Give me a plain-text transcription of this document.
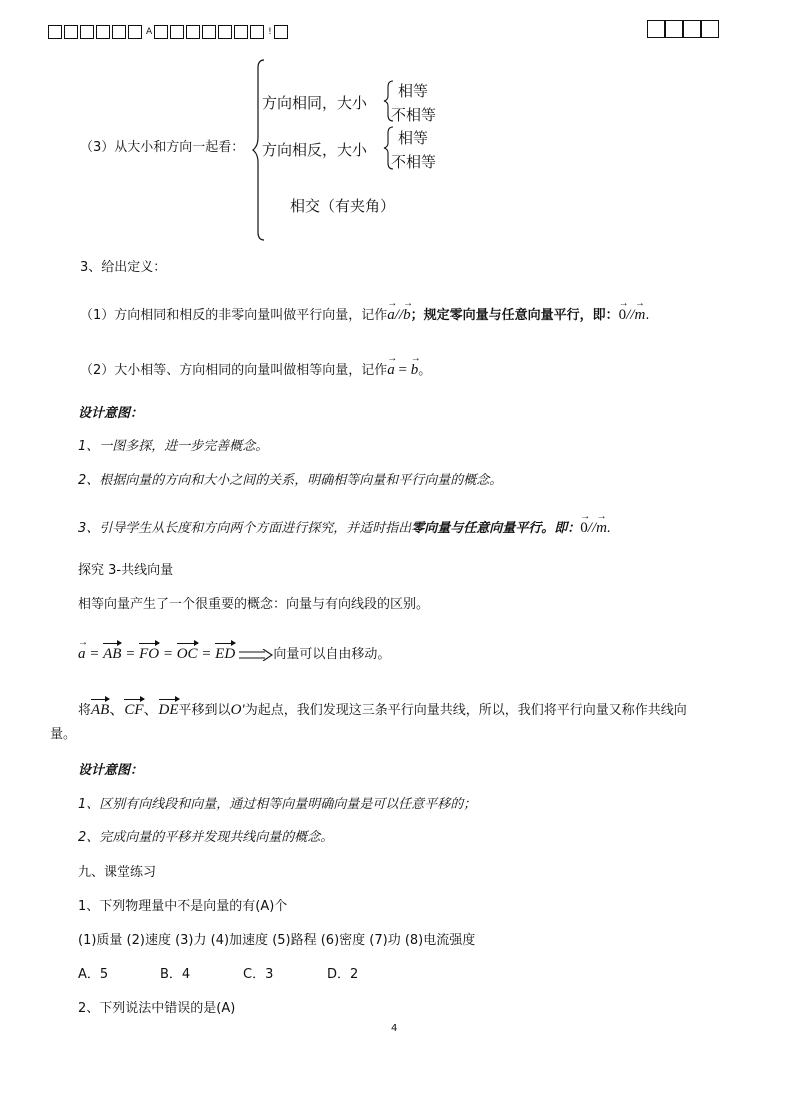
A	!
（3）从大小和方向一起看：
方向相同，大小
相等
不相等
方向相反，大小
相等
不相等
相交（有夹角）
3、给出定义：
（1）方向相同和相反的非零向量叫做平行向量，记作→ a//→ b；规定零向量与任意向量平行，即：→ 0//→ m.
（2）大小相等、方向相同的向量叫做相等向量，记作→ a = → b。
设计意图：
1、一图多探，进一步完善概念。
2、根据向量的方向和大小之间的关系，明确相等向量和平行向量的概念。
3、引导学生从长度和方向两个方面进行探究，并适时指出零向量与任意向量平行。即：→ 0//→ m.
探究 3-共线向量
相等向量产生了一个很重要的概念：向量与有向线段的区别。
→ a = AB = FO = OC = ED	向量可以自由移动。
将AB、CF、DE平移到以O′为起点，我们发现这三条平行向量共线，所以，我们将平行向量又称作共线向
量。
设计意图：
1、区别有向线段和向量，通过相等向量明确向量是可以任意平移的；
2、完成向量的平移并发现共线向量的概念。
九、课堂练习
1、下列物理量中不是向量的有(A)个
(1)质量 (2)速度 (3)力 (4)加速度 (5)路程 (6)密度 (7)功 (8)电流强度
A．5	B．4	C．3	D．2
2、下列说法中错误的是(A)
4
